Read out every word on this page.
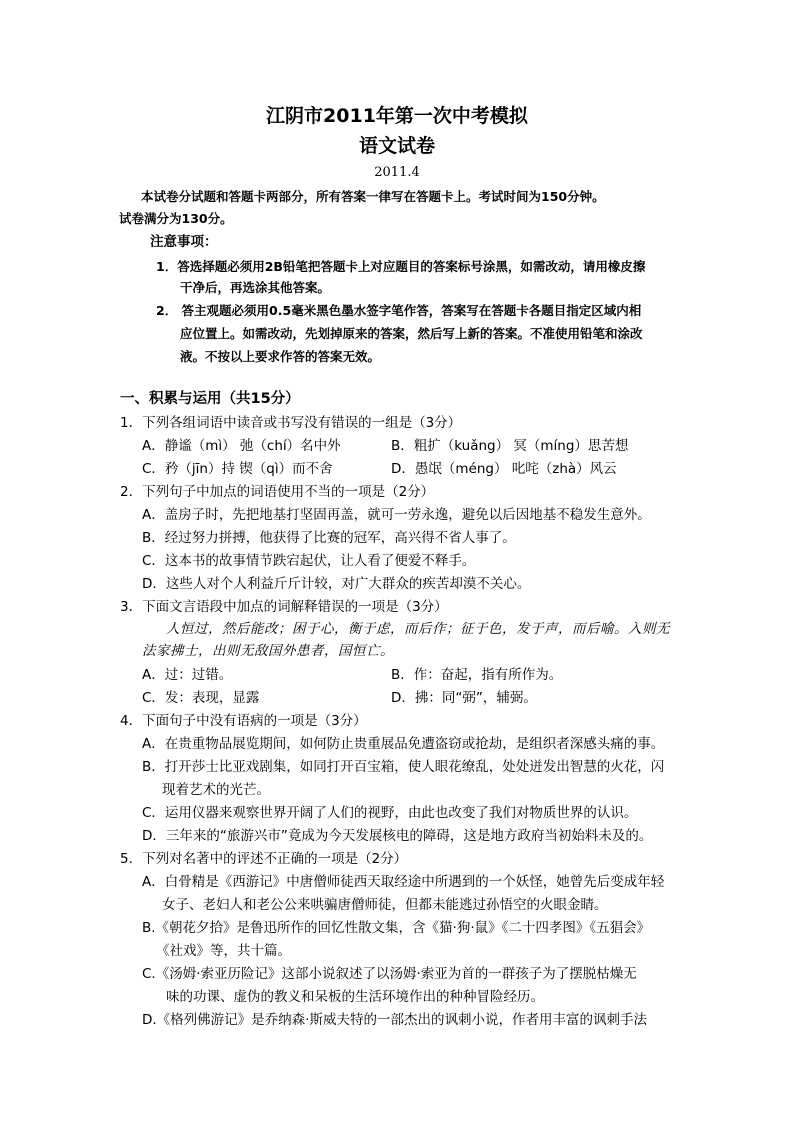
江阴市2011年第一次中考模拟
语文试卷
2011.4
本试卷分试题和答题卡两部分，所有答案一律写在答题卡上。考试时间为150分钟。
试卷满分为130分。
注意事项：
1．答选择题必须用2B铅笔把答题卡上对应题目的答案标号涂黑，如需改动，请用橡皮擦
干净后，再选涂其他答案。
2． 答主观题必须用0.5毫米黑色墨水签字笔作答，答案写在答题卡各题目指定区域内相
应位置上。如需改动，先划掉原来的答案，然后写上新的答案。不准使用铅笔和涂改
液。不按以上要求作答的答案无效。
一、积累与运用（共15分）
1．下列各组词语中读音或书写没有错误的一组是（3分）
A．静谧（mì） 弛（chí）名中外	B．粗扩（kuǎng） 冥（míng）思苦想
C．矜（jīn）持 锲（qì）而不舍	D．愚氓（méng） 叱咤（zhà）风云
2．下列句子中加点的词语使用不当的一项是（2分）
A．盖房子时，先把地基打坚固再盖，就可一劳永逸，避免以后因地基不稳发生意外。
B．经过努力拼搏，他获得了比赛的冠军，高兴得不省人事了。
C．这本书的故事情节跌宕起伏，让人看了便爱不释手。
D．这些人对个人利益斤斤计较，对广大群众的疾苦却漠不关心。
3．下面文言语段中加点的词解释错误的一项是（3分）
人恒过，然后能改；困于心，衡于虑，而后作；征于色，发于声，而后喻。入则无
法家拂士，出则无敌国外患者，国恒亡。
A．过：过错。	B．作：奋起，指有所作为。
C．发：表现，显露	D．拂：同“弼”，辅弼。
4．下面句子中没有语病的一项是（3分）
A．在贵重物品展览期间，如何防止贵重展品免遭盗窃或抢劫，是组织者深感头痛的事。
B．打开莎士比亚戏剧集，如同打开百宝箱，使人眼花缭乱，处处迸发出智慧的火花，闪
现着艺术的光芒。
C．运用仪器来观察世界开阔了人们的视野，由此也改变了我们对物质世界的认识。
D．三年来的“旅游兴市”竟成为今天发展核电的障碍，这是地方政府当初始料未及的。
5．下列对名著中的评述不正确的一项是（2分）
A．白骨精是《西游记》中唐僧师徒西天取经途中所遇到的一个妖怪，她曾先后变成年轻
女子、老妇人和老公公来哄骗唐僧师徒，但都未能逃过孙悟空的火眼金睛。
B.《朝花夕拾》是鲁迅所作的回忆性散文集，含《猫·狗·鼠》《二十四孝图》《五猖会》
《社戏》等，共十篇。
C.《汤姆·索亚历险记》这部小说叙述了以汤姆·索亚为首的一群孩子为了摆脱枯燥无
味的功课、虚伪的教义和呆板的生活环境作出的种种冒险经历。
D.《格列佛游记》是乔纳森·斯威夫特的一部杰出的讽刺小说，作者用丰富的讽刺手法
